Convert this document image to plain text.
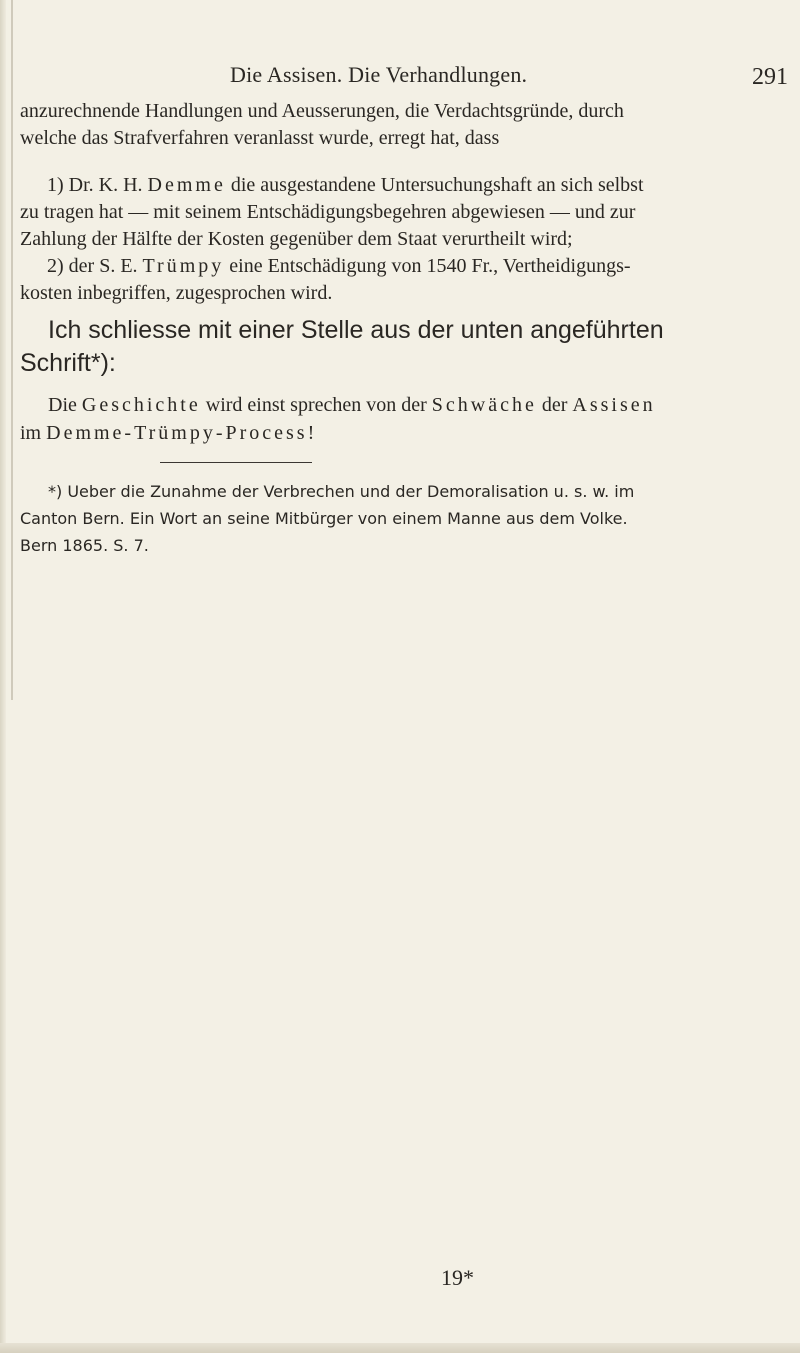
Die Assisen. Die Verhandlungen.	291
anzurechnende Handlungen und Aeusserungen, die Verdachtsgründe, durch
welche das Strafverfahren veranlasst wurde, erregt hat, dass
1) Dr. K. H. Demme die ausgestandene Untersuchungshaft an sich selbst
zu tragen hat — mit seinem Entschädigungsbegehren abgewiesen — und zur
Zahlung der Hälfte der Kosten gegenüber dem Staat verurtheilt wird;
2) der S. E. Trümpy eine Entschädigung von 1540 Fr., Vertheidigungs-
kosten inbegriffen, zugesprochen wird.
Ich schliesse mit einer Stelle aus der unten angeführten
Schrift*):
Die Geschichte wird einst sprechen von der Schwäche der Assisen
im Demme-Trümpy-Process!
*) Ueber die Zunahme der Verbrechen und der Demoralisation u. s. w. im
Canton Bern. Ein Wort an seine Mitbürger von einem Manne aus dem Volke.
Bern 1865. S. 7.
19*
